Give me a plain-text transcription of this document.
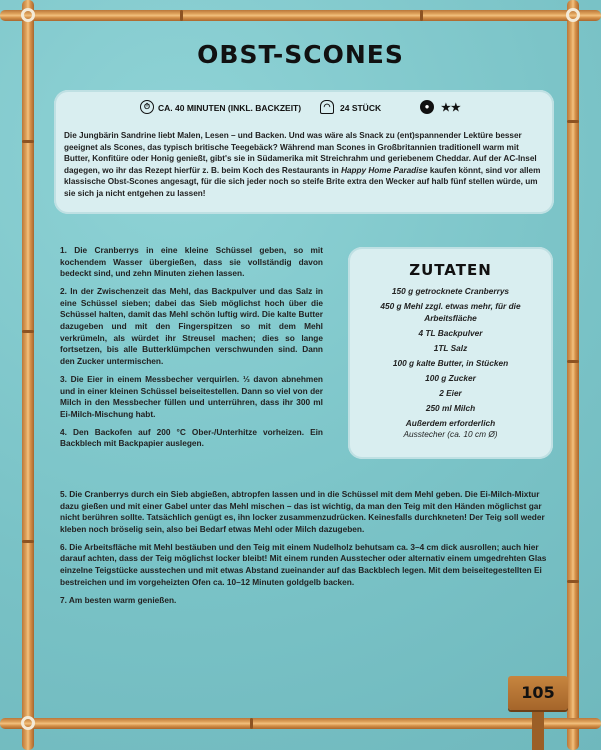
OBST-SCONES
⏱ CA. 40 MINUTEN (INKL. BACKZEIT)	◠	24 STÜCK	●	★★
Die Jungbärin Sandrine liebt Malen, Lesen – und Backen. Und was wäre als Snack zu (ent)spannender Lektüre besser geeignet als Scones, das typisch britische Teegebäck? Während man Scones in Großbritannien traditionell warm mit Butter, Konfitüre oder Honig genießt, gibt's sie in Südamerika mit Streichrahm und geriebenem Cheddar. Auf der AC-Insel dagegen, wo ihr das Rezept hierfür z. B. beim Koch des Restaurants in Happy Home Paradise kaufen könnt, sind vor allem klassische Obst-Scones angesagt, für die sich jeder noch so steife Brite extra den Wecker auf halb fünf stellen würde, um sie sich ja nicht entgehen zu lassen!
ZUTATEN
150 g getrocknete Cranberrys
450 g Mehl zzgl. etwas mehr, für die Arbeitsfläche
4 TL Backpulver
1TL Salz
100 g kalte Butter, in Stücken
100 g Zucker
2 Eier
250 ml Milch
Außerdem erforderlich
Ausstecher (ca. 10 cm Ø)

1. Die Cranberrys in eine kleine Schüssel geben, so mit kochendem Wasser übergießen, dass sie vollständig davon bedeckt sind, und zehn Minuten ziehen lassen.

2. In der Zwischenzeit das Mehl, das Backpulver und das Salz in eine Schüssel sieben; dabei das Sieb möglichst hoch über die Schüssel halten, damit das Mehl schön luftig wird. Die kalte Butter dazugeben und mit den Fingerspitzen so mit dem Mehl verkrümeln, als würdet ihr Streusel machen; dies so lange fortsetzen, bis alle Butterklümpchen verschwunden sind. Dann den Zucker untermischen.

3. Die Eier in einem Messbecher verquirlen. ⅓ davon abnehmen und in einer kleinen Schüssel beiseitestellen. Dann so viel von der Milch in den Messbecher füllen und unterrühren, dass ihr 300 ml Ei-Milch-Mischung habt.

4. Den Backofen auf 200 °C Ober-/Unterhitze vorheizen. Ein Backblech mit Backpapier auslegen.

5. Die Cranberrys durch ein Sieb abgießen, abtropfen lassen und in die Schüssel mit dem Mehl geben. Die Ei-Milch-Mixtur dazu gießen und mit einer Gabel unter das Mehl mischen – das ist wichtig, da man den Teig mit den Händen möglichst gar nicht berühren sollte. Tatsächlich genügt es, ihn locker zusammenzudrücken. Keinesfalls durchkneten! Der Teig soll weder kleben noch bröselig sein, also bei Bedarf etwas Mehl oder Milch dazugeben.

6. Die Arbeitsfläche mit Mehl bestäuben und den Teig mit einem Nudelholz behutsam ca. 3–4 cm dick ausrollen; auch hier darauf achten, dass der Teig möglichst locker bleibt! Mit einem runden Ausstecher oder alternativ einem umgedrehten Glas einzelne Teigstücke ausstechen und mit etwas Abstand zueinander auf das Backblech legen. Mit dem beiseitegestellten Ei bestreichen und im vorgeheizten Ofen ca. 10–12 Minuten goldgelb backen.

7. Am besten warm genießen.

105
